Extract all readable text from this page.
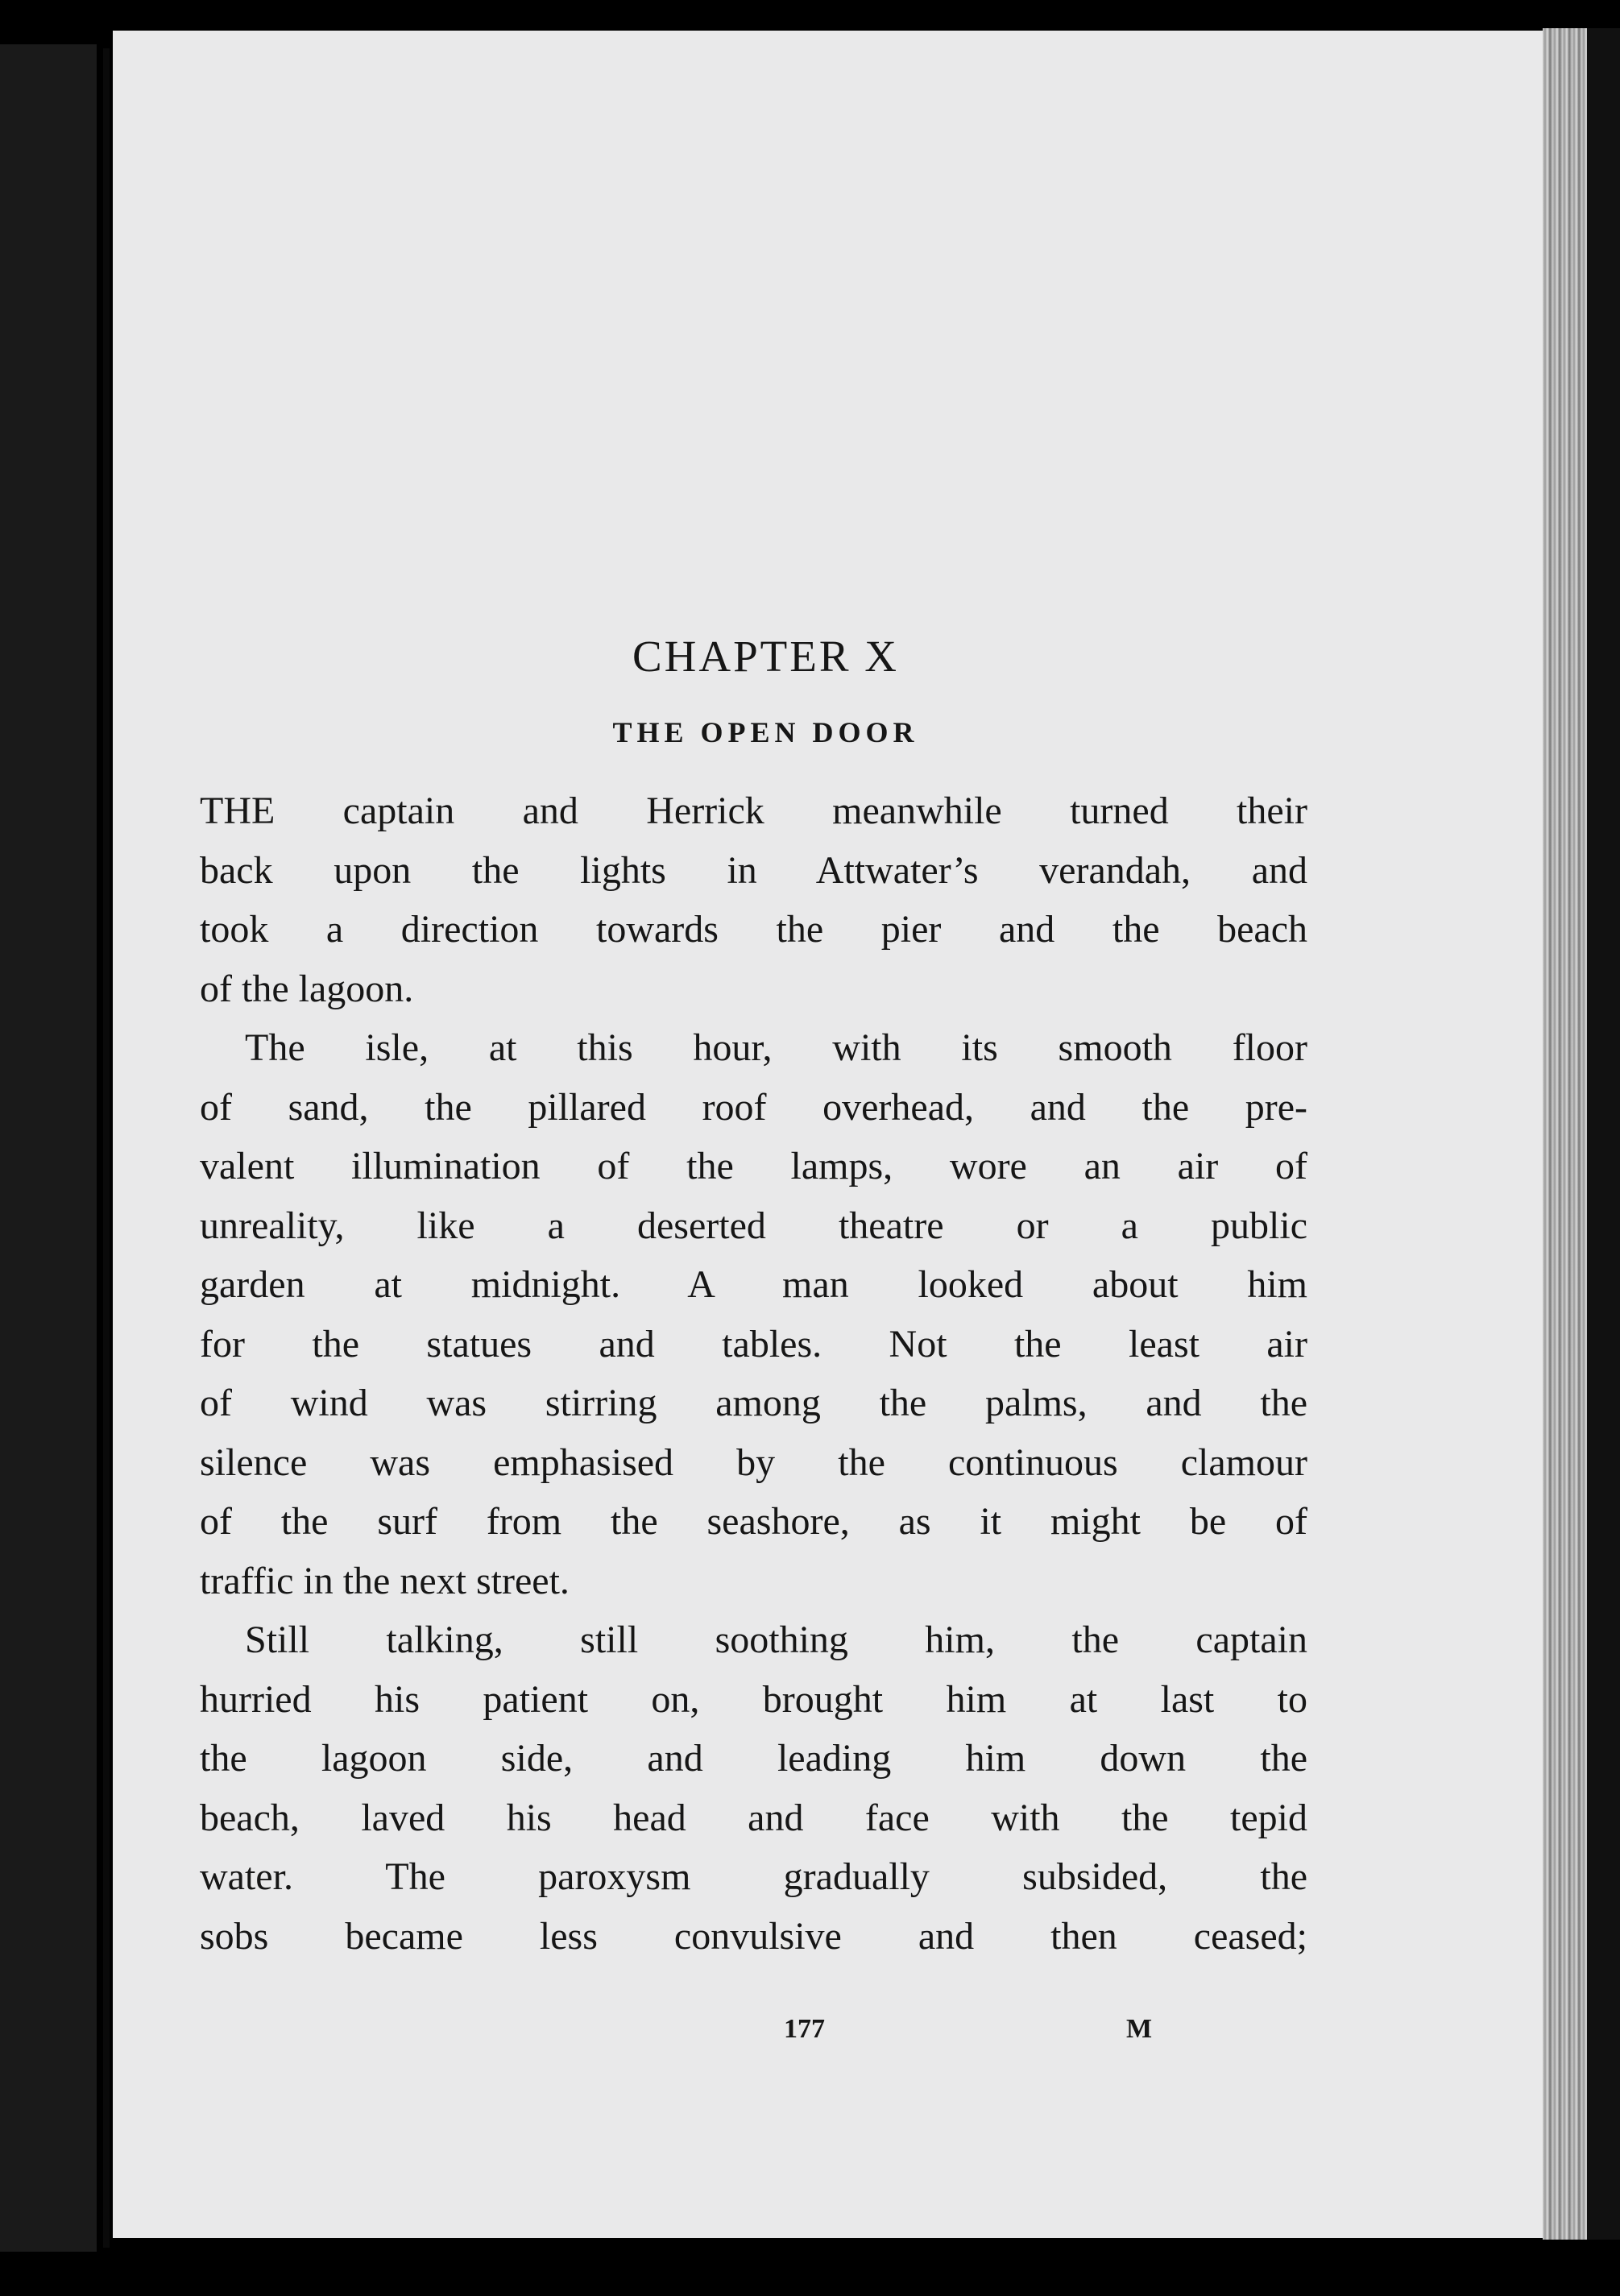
CHAPTER X
THE OPEN DOOR

THE captain and Herrick meanwhile turned their
back upon the lights in Attwater’s verandah, and
took a direction towards the pier and the beach
of the lagoon.

The isle, at this hour, with its smooth floor
of sand, the pillared roof overhead, and the pre-
valent illumination of the lamps, wore an air of
unreality, like a deserted theatre or a public
garden at midnight. A man looked about him
for the statues and tables. Not the least air
of wind was stirring among the palms, and the
silence was emphasised by the continuous clamour
of the surf from the seashore, as it might be of
traffic in the next street.

Still talking, still soothing him, the captain
hurried his patient on, brought him at last to
the lagoon side, and leading him down the
beach, laved his head and face with the tepid
water. The paroxysm gradually subsided, the
sobs became less convulsive and then ceased;

177	M
